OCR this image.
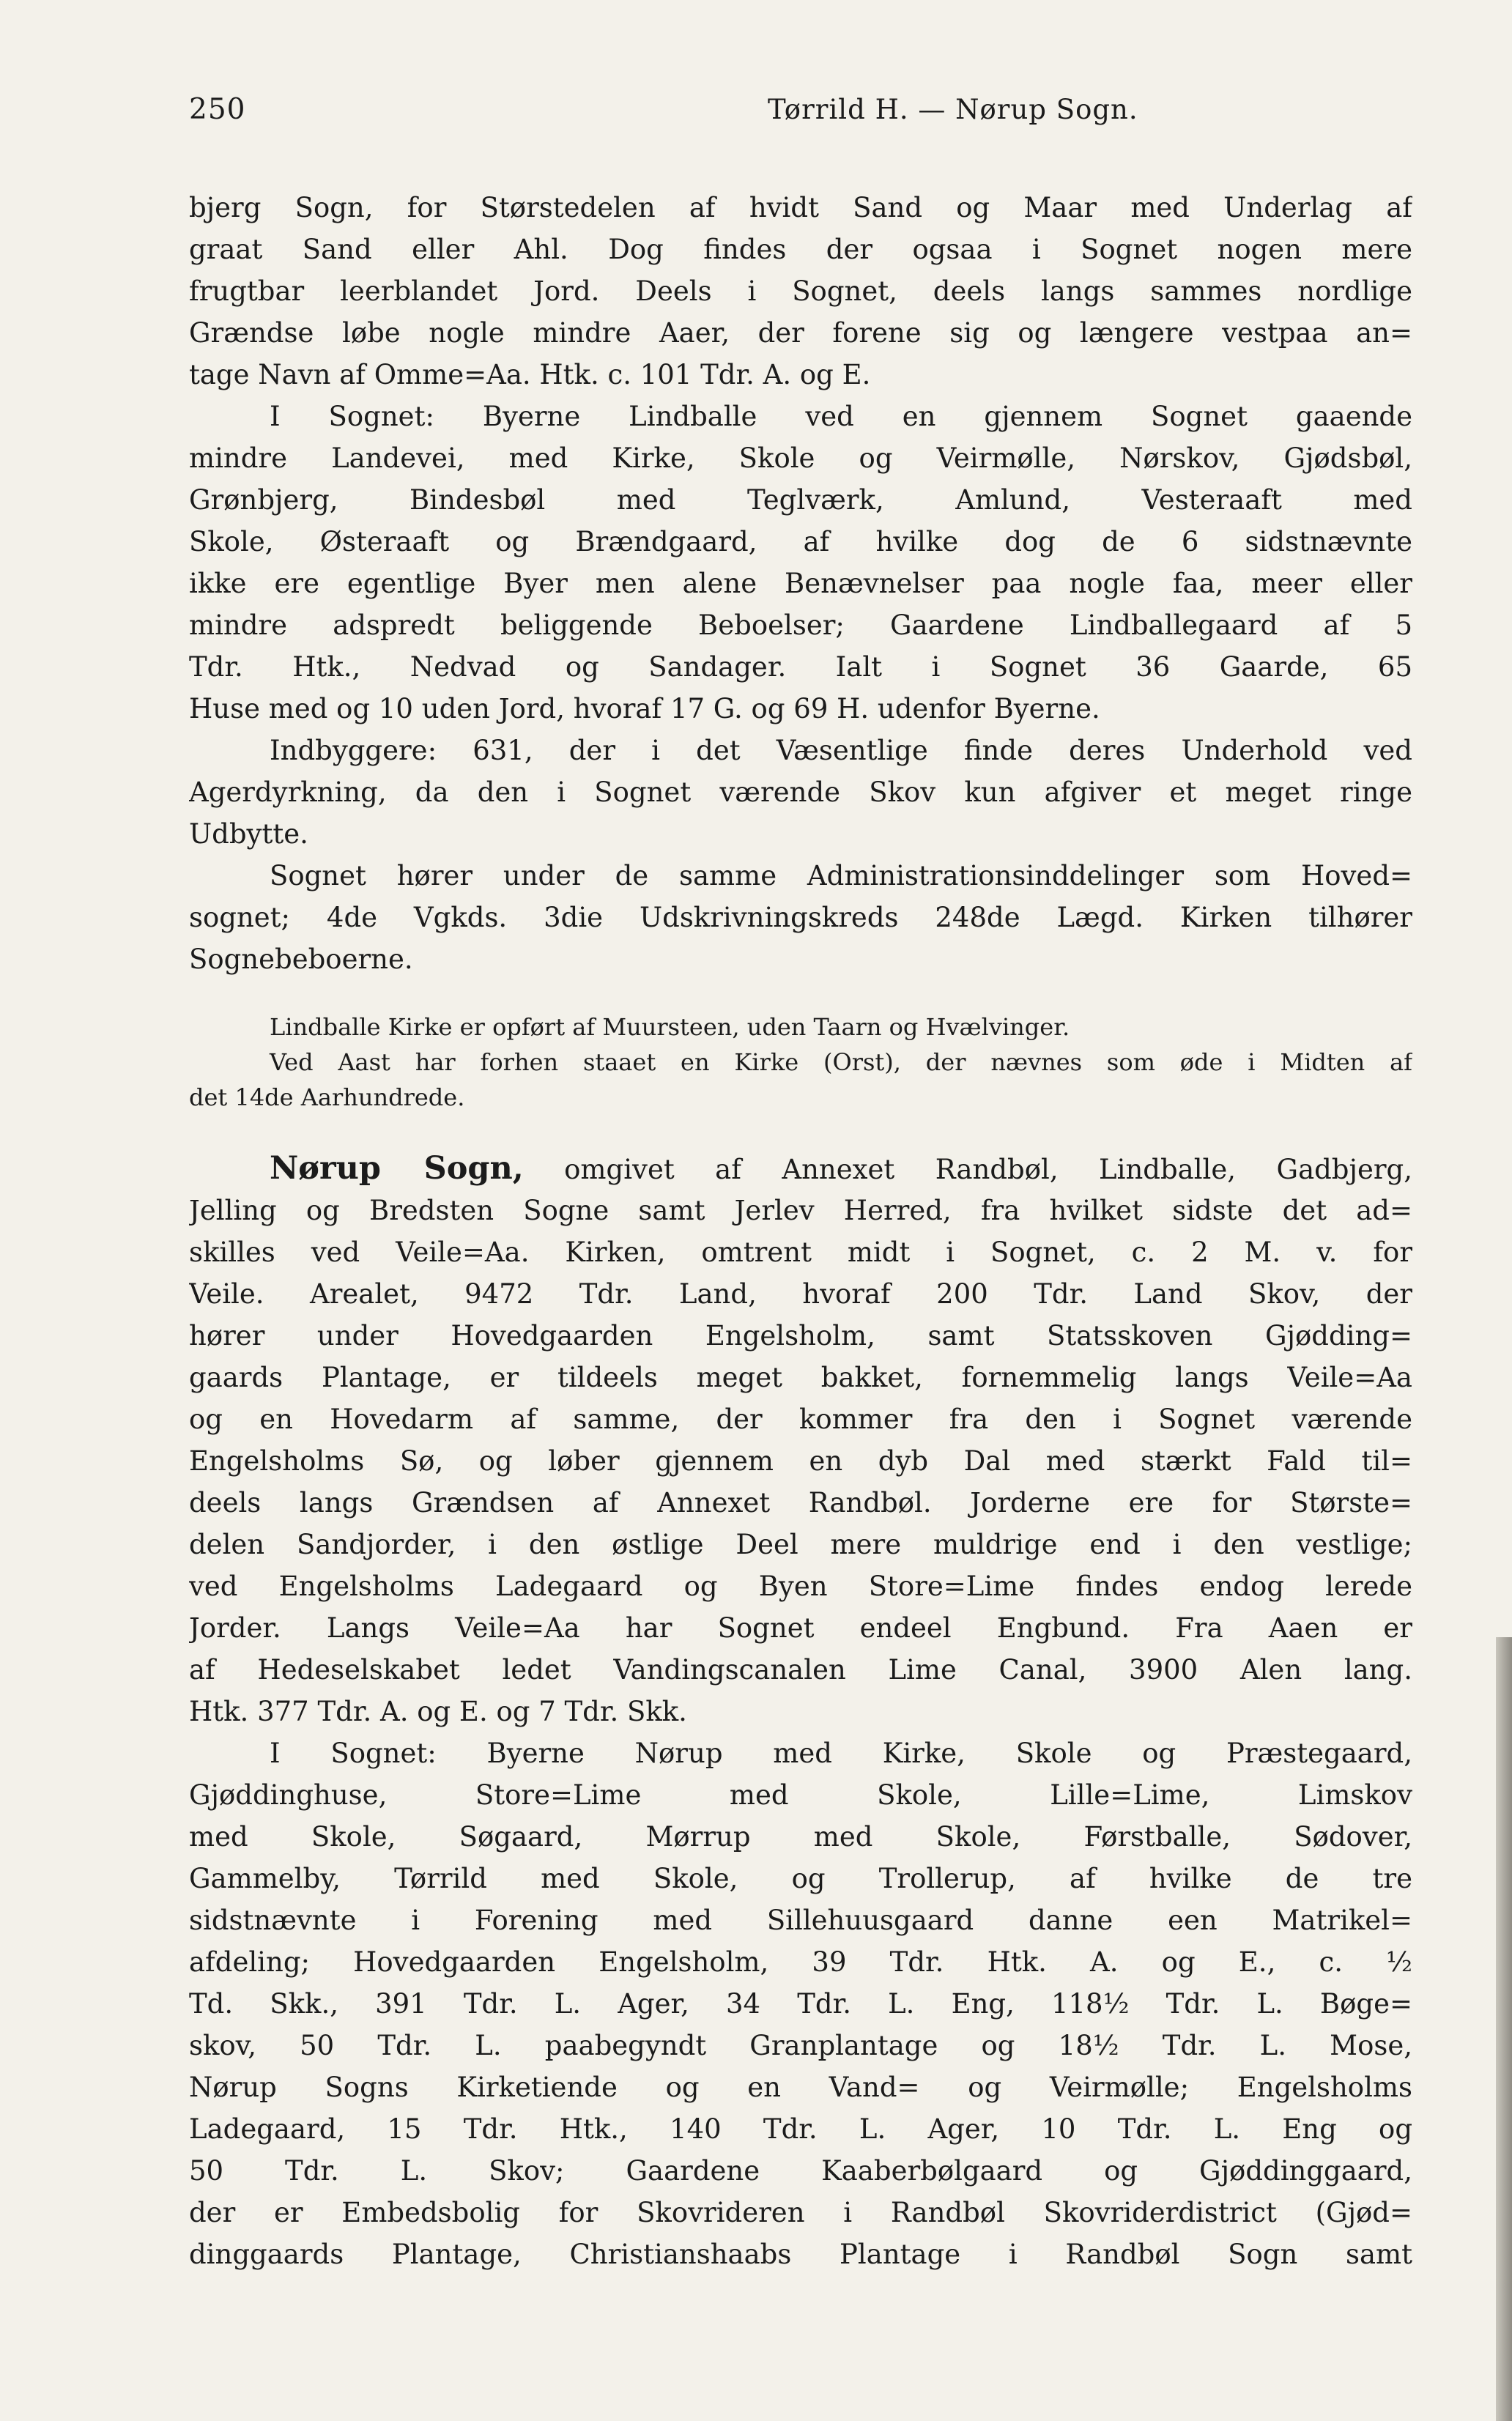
250	Tørrild H. — Nørup Sogn.
bjerg Sogn, for Størstedelen af hvidt Sand og Maar med Underlag af
graat Sand eller Ahl. Dog findes der ogsaa i Sognet nogen mere
frugtbar leerblandet Jord. Deels i Sognet, deels langs sammes nordlige
Grændse løbe nogle mindre Aaer, der forene sig og længere vestpaa an=
tage Navn af Omme=Aa. Htk. c. 101 Tdr. A. og E.
I Sognet: Byerne Lindballe ved en gjennem Sognet gaaende
mindre Landevei, med Kirke, Skole og Veirmølle, Nørskov, Gjødsbøl,
Grønbjerg, Bindesbøl med Teglværk, Amlund, Vesteraaft med
Skole, Østeraaft og Brændgaard, af hvilke dog de 6 sidstnævnte
ikke ere egentlige Byer men alene Benævnelser paa nogle faa, meer eller
mindre adspredt beliggende Beboelser; Gaardene Lindballegaard af 5
Tdr. Htk., Nedvad og Sandager. Ialt i Sognet 36 Gaarde, 65
Huse med og 10 uden Jord, hvoraf 17 G. og 69 H. udenfor Byerne.
Indbyggere: 631, der i det Væsentlige finde deres Underhold ved
Agerdyrkning, da den i Sognet værende Skov kun afgiver et meget ringe
Udbytte.
Sognet hører under de samme Administrationsinddelinger som Hoved=
sognet; 4de Vgkds. 3die Udskrivningskreds 248de Lægd. Kirken tilhører
Sognebeboerne.
Lindballe Kirke er opført af Muursteen, uden Taarn og Hvælvinger.
Ved Aast har forhen staaet en Kirke (Orst), der nævnes som øde i Midten af
det 14de Aarhundrede.
Nørup Sogn, omgivet af Annexet Randbøl, Lindballe, Gadbjerg,
Jelling og Bredsten Sogne samt Jerlev Herred, fra hvilket sidste det ad=
skilles ved Veile=Aa. Kirken, omtrent midt i Sognet, c. 2 M. v. for
Veile. Arealet, 9472 Tdr. Land, hvoraf 200 Tdr. Land Skov, der
hører under Hovedgaarden Engelsholm, samt Statsskoven Gjødding=
gaards Plantage, er tildeels meget bakket, fornemmelig langs Veile=Aa
og en Hovedarm af samme, der kommer fra den i Sognet værende
Engelsholms Sø, og løber gjennem en dyb Dal med stærkt Fald til=
deels langs Grændsen af Annexet Randbøl. Jorderne ere for Største=
delen Sandjorder, i den østlige Deel mere muldrige end i den vestlige;
ved Engelsholms Ladegaard og Byen Store=Lime findes endog lerede
Jorder. Langs Veile=Aa har Sognet endeel Engbund. Fra Aaen er
af Hedeselskabet ledet Vandingscanalen Lime Canal, 3900 Alen lang.
Htk. 377 Tdr. A. og E. og 7 Tdr. Skk.
I Sognet: Byerne Nørup med Kirke, Skole og Præstegaard,
Gjøddinghuse, Store=Lime med Skole, Lille=Lime, Limskov
med Skole, Søgaard, Mørrup med Skole, Førstballe, Sødover,
Gammelby, Tørrild med Skole, og Trollerup, af hvilke de tre
sidstnævnte i Forening med Sillehuusgaard danne een Matrikel=
afdeling; Hovedgaarden Engelsholm, 39 Tdr. Htk. A. og E., c. ½
Td. Skk., 391 Tdr. L. Ager, 34 Tdr. L. Eng, 118½ Tdr. L. Bøge=
skov, 50 Tdr. L. paabegyndt Granplantage og 18½ Tdr. L. Mose,
Nørup Sogns Kirketiende og en Vand= og Veirmølle; Engelsholms
Ladegaard, 15 Tdr. Htk., 140 Tdr. L. Ager, 10 Tdr. L. Eng og
50 Tdr. L. Skov; Gaardene Kaaberbølgaard og Gjøddinggaard,
der er Embedsbolig for Skovrideren i Randbøl Skovriderdistrict (Gjød=
dinggaards Plantage, Christianshaabs Plantage i Randbøl Sogn samt
